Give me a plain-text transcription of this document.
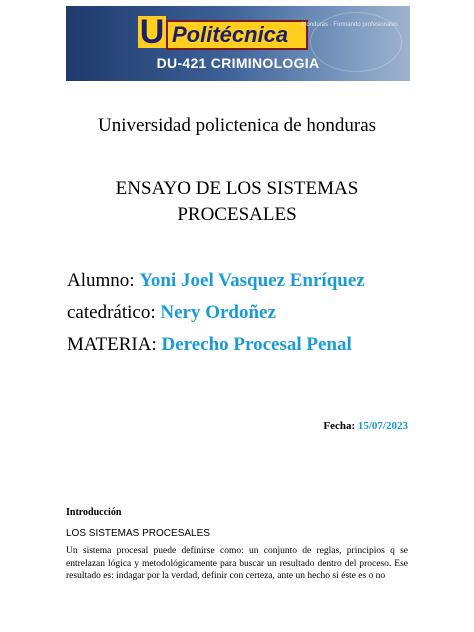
U Politécnica	Honduras · Formando profesionales
DU-421 CRIMINOLOGIA
Universidad polictenica de honduras
ENSAYO DE LOS SISTEMAS
PROCESALES
Alumno: Yoni Joel Vasquez Enríquez
catedrático: Nery Ordoñez
MATERIA: Derecho Procesal Penal
Fecha: 15/07/2023
Introducción
LOS SISTEMAS PROCESALES
Un sistema procesal puede definirse como: un conjunto de reglas, principios q se entrelazan lógica y metodológicamente para buscar un resultado dentro del proceso. Ese resultado es: indagar por la verdad, definir con certeza, ante un hecho si éste es o no
